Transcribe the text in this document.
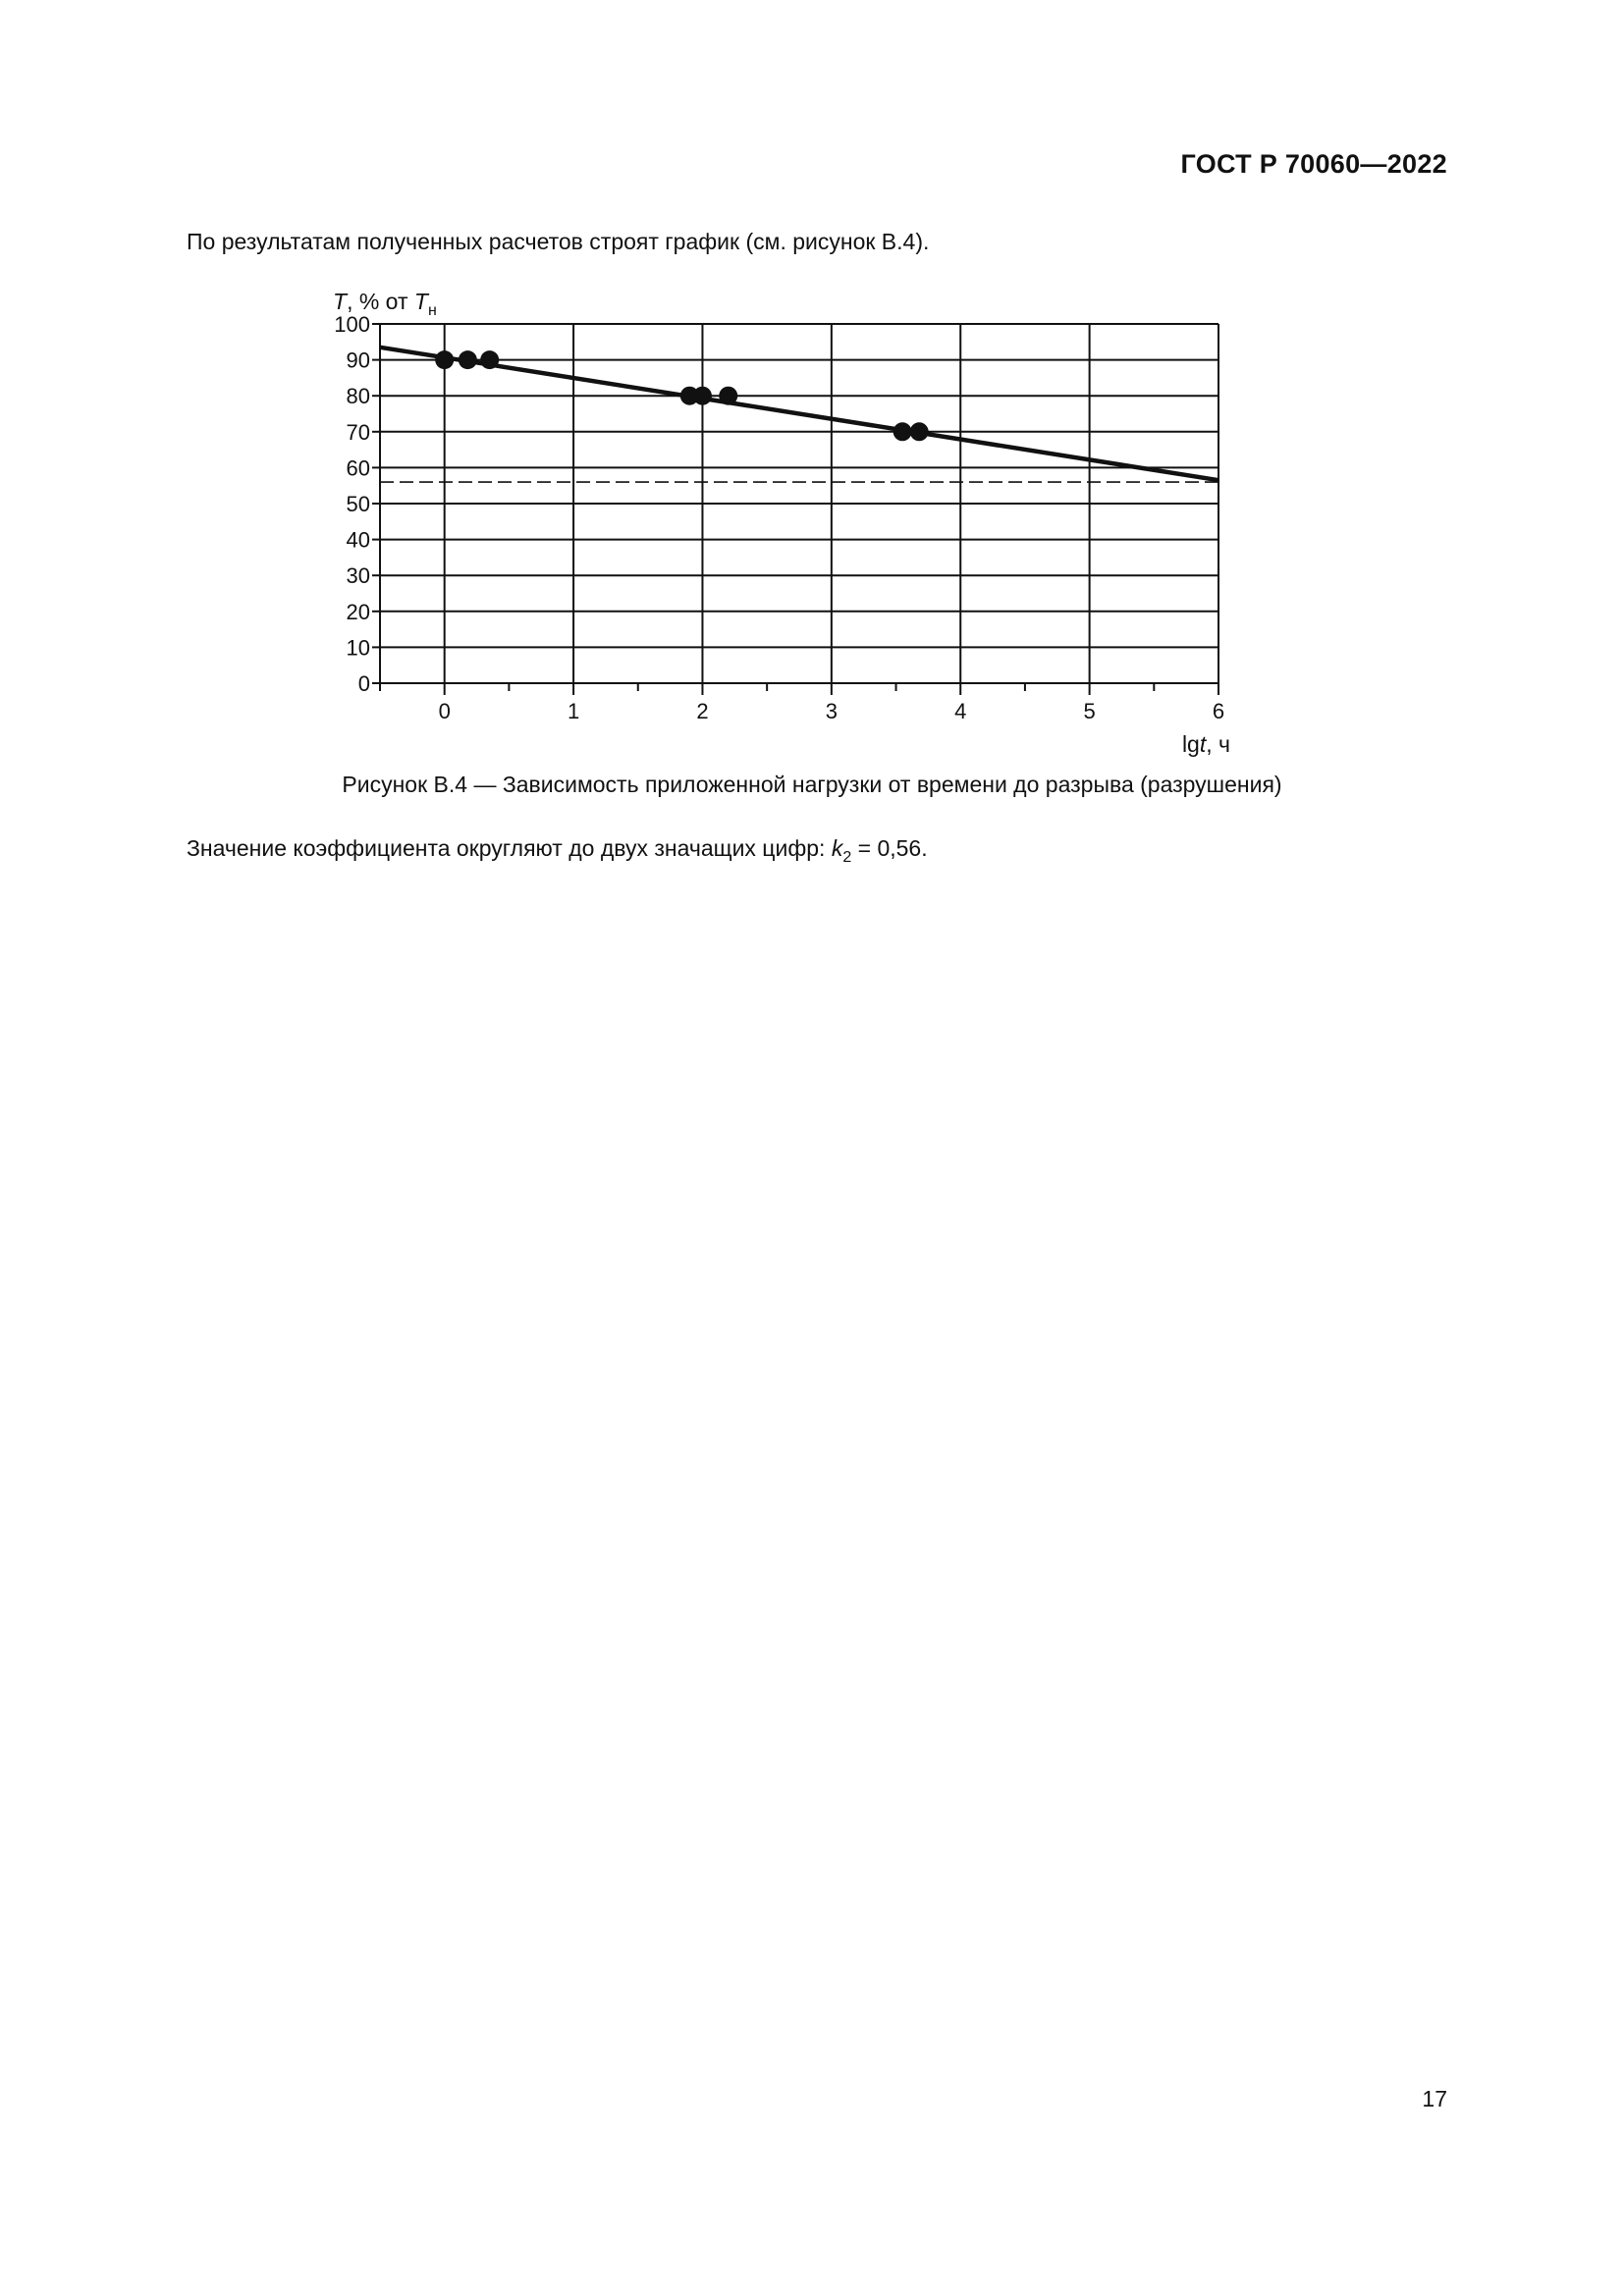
ГОСТ Р 70060—2022
По результатам полученных расчетов строят график (см. рисунок В.4).
T, % от $T_н$
0
10
20
30
40
50
60
70
80
90
100
0	1	2	3	4	5	6
lgt, ч
Рисунок В.4 — Зависимость приложенной нагрузки от времени до разрыва (разрушения)
Значение коэффициента округляют до двух значащих цифр: $k_2 = 0,56$.
17
